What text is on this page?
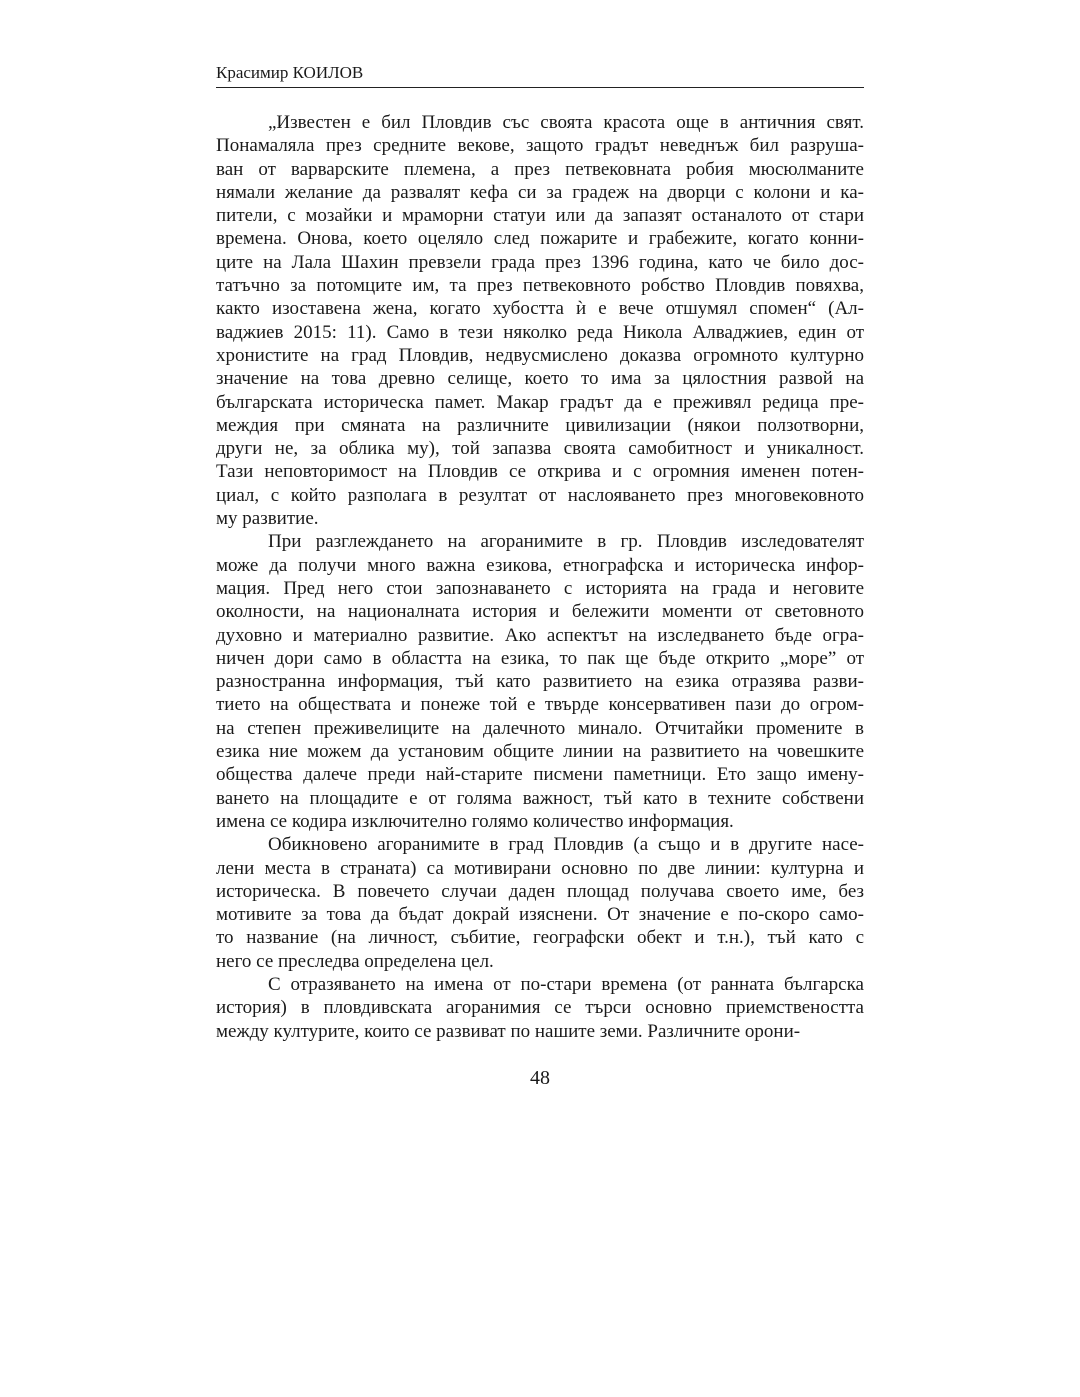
Красимир КОИЛОВ
„Известен е бил Пловдив със своята красота още в античния свят.
Понамаляла през средните векове, защото градът неведнъж бил разруша-
ван от варварските племена, а през петвековната робия мюсюлманите
нямали желание да развалят кефа си за градеж на дворци с колони и ка-
пители, с мозайки и мраморни статуи или да запазят останалото от стари
времена. Онова, което оцеляло след пожарите и грабежите, когато конни-
ците на Лала Шахин превзели града през 1396 година, като че било дос-
татъчно за потомците им, та през петвековното робство Пловдив повяхва,
както изоставена жена, когато хубостта ѝ е вече отшумял спомен“ (Ал-
ваджиев 2015: 11). Само в тези няколко реда Никола Алваджиев, един от
хронистите на град Пловдив, недвусмислено доказва огромното културно
значение на това древно селище, което то има за цялостния развой на
българската историческа памет. Макар градът да е преживял редица пре-
междия при смяната на различните цивилизации (някои ползотворни,
други не, за облика му), той запазва своята самобитност и уникалност.
Тази неповторимост на Пловдив се открива и с огромния именен потен-
циал, с който разполага в резултат от наслояването през многовековното
му развитие.
При разглеждането на агоранимите в гр. Пловдив изследователят
може да получи много важна езикова, етнографска и историческа инфор-
мация. Пред него стои запознаването с историята на града и неговите
околности, на националната история и бележити моменти от световното
духовно и материално развитие. Ако аспектът на изследването бъде огра-
ничен дори само в областта на езика, то пак ще бъде открито „море” от
разностранна информация, тъй като развитието на езика отразява разви-
тието на обществата и понеже той е твърде консервативен пази до огром-
на степен преживелиците на далечното минало. Отчитайки промените в
езика ние можем да установим общите линии на развитието на човешките
общества далече преди най-старите писмени паметници. Ето защо имену-
ването на площадите е от голяма важност, тъй като в техните собствени
имена се кодира изключително голямо количество информация.
Обикновено агоранимите в град Пловдив (а също и в другите насе-
лени места в страната) са мотивирани основно по две линии: културна и
историческа. В повечето случаи даден площад получава своето име, без
мотивите за това да бъдат докрай изяснени. От значение е по-скоро само-
то название (на личност, събитие, географски обект и т.н.), тъй като с
него се преследва определена цел.
С отразяването на имена от по-стари времена (от ранната българска
история) в пловдивската агоранимия се търси основно приемствеността
между културите, които се развиват по нашите земи. Различните орони-
48
